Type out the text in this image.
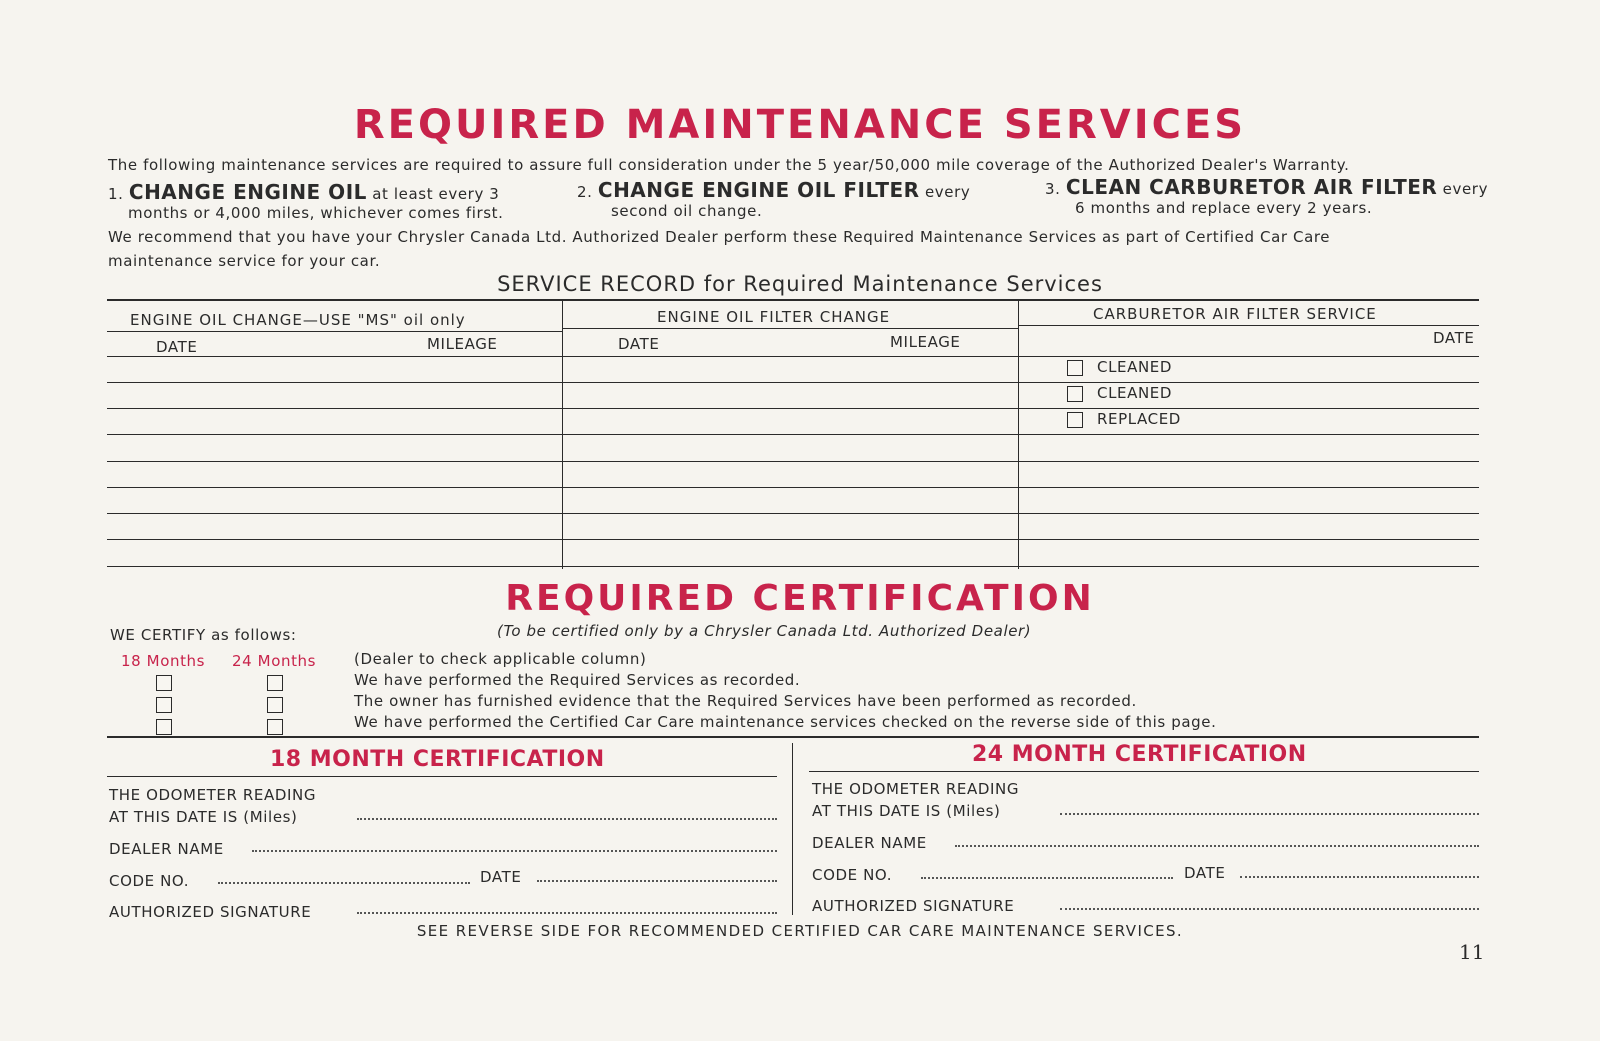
REQUIRED MAINTENANCE SERVICES
The following maintenance services are required to assure full consideration under the 5 year/50,000 mile coverage of the Authorized Dealer's Warranty.
1. CHANGE ENGINE OIL at least every 3
months or 4,000 miles, whichever comes first.
2. CHANGE ENGINE OIL FILTER every
second oil change.
3. CLEAN CARBURETOR AIR FILTER every
6 months and replace every 2 years.
We recommend that you have your Chrysler Canada Ltd. Authorized Dealer perform these Required Maintenance Services as part of Certified Car Care
maintenance service for your car.
SERVICE RECORD for Required Maintenance Services
ENGINE OIL CHANGE—USE "MS" oil only	ENGINE OIL FILTER CHANGE	CARBURETOR AIR FILTER SERVICE
DATE	MILEAGE	DATE	MILEAGE	DATE
CLEANED
CLEANED
REPLACED
REQUIRED CERTIFICATION
WE CERTIFY as follows:	(To be certified only by a Chrysler Canada Ltd. Authorized Dealer)
18 Months 24 Months	(Dealer to check applicable column)
We have performed the Required Services as recorded.
The owner has furnished evidence that the Required Services have been performed as recorded.
We have performed the Certified Car Care maintenance services checked on the reverse side of this page.
18 MONTH CERTIFICATION
THE ODOMETER READING
AT THIS DATE IS (Miles)
DEALER NAME
CODE NO.	DATE
AUTHORIZED SIGNATURE
24 MONTH CERTIFICATION
THE ODOMETER READING
AT THIS DATE IS (Miles)
DEALER NAME
CODE NO.	DATE
AUTHORIZED SIGNATURE
SEE REVERSE SIDE FOR RECOMMENDED CERTIFIED CAR CARE MAINTENANCE SERVICES.
11
